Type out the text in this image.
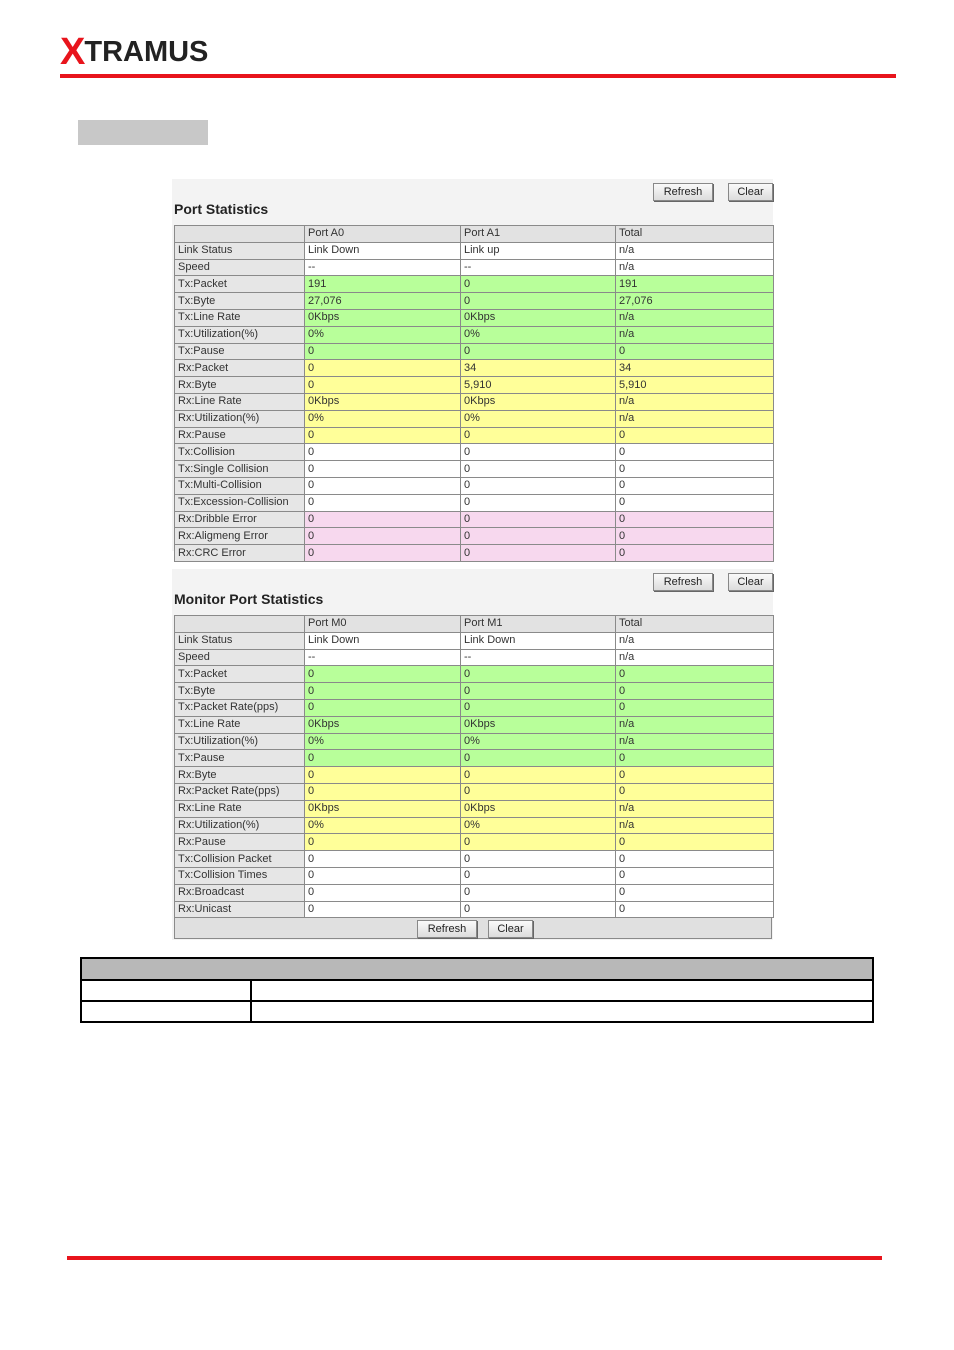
X TRAMUS
Refresh	Clear
Port Statistics
	Port A0	Port A1	Total
Link Status	Link Down	Link up	n/a
Speed	--	--	n/a
Tx:Packet	191	0	191
Tx:Byte	27,076	0	27,076
Tx:Line Rate	0Kbps	0Kbps	n/a
Tx:Utilization(%)	0%	0%	n/a
Tx:Pause	0	0	0
Rx:Packet	0	34	34
Rx:Byte	0	5,910	5,910
Rx:Line Rate	0Kbps	0Kbps	n/a
Rx:Utilization(%)	0%	0%	n/a
Rx:Pause	0	0	0
Tx:Collision	0	0	0
Tx:Single Collision	0	0	0
Tx:Multi-Collision	0	0	0
Tx:Excession-Collision	0	0	0
Rx:Dribble Error	0	0	0
Rx:Aligmeng Error	0	0	0
Rx:CRC Error	0	0	0
Refresh	Clear
Monitor Port Statistics
	Port M0	Port M1	Total
Link Status	Link Down	Link Down	n/a
Speed	--	--	n/a
Tx:Packet	0	0	0
Tx:Byte	0	0	0
Tx:Packet Rate(pps)	0	0	0
Tx:Line Rate	0Kbps	0Kbps	n/a
Tx:Utilization(%)	0%	0%	n/a
Tx:Pause	0	0	0
Rx:Byte	0	0	0
Rx:Packet Rate(pps)	0	0	0
Rx:Line Rate	0Kbps	0Kbps	n/a
Rx:Utilization(%)	0%	0%	n/a
Rx:Pause	0	0	0
Tx:Collision Packet	0	0	0
Tx:Collision Times	0	0	0
Rx:Broadcast	0	0	0
Rx:Unicast	0	0	0
Refresh	Clear
